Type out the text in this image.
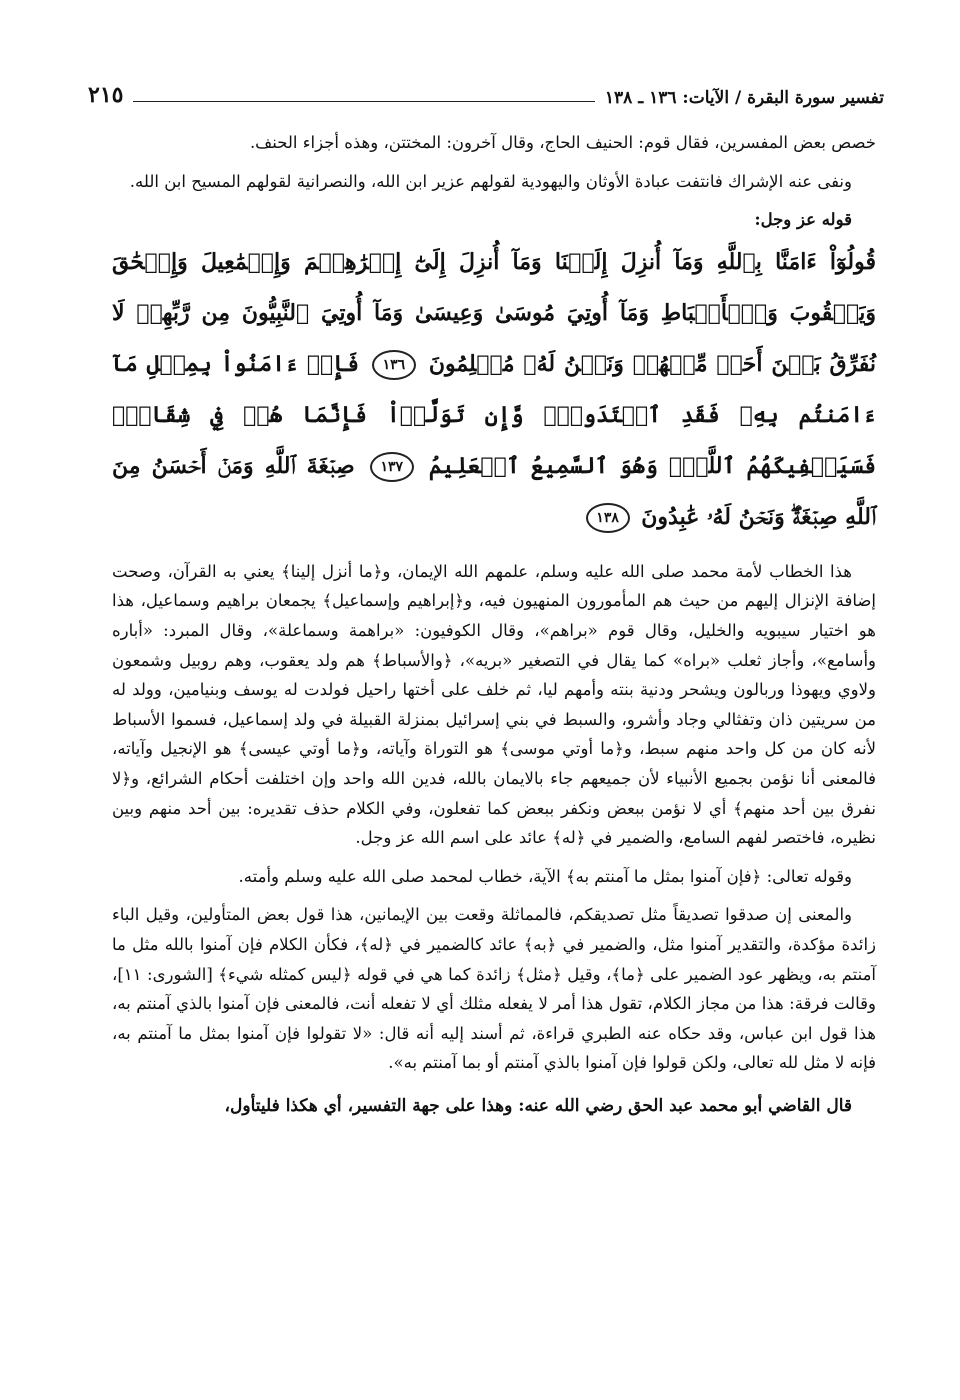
تفسير سورة البقرة / الآيات: ١٣٦ ـ ١٣٨
٢١٥

خصص بعض المفسرين، فقال قوم: الحنيف الحاج، وقال آخرون: المختتن، وهذه أجزاء الحنف.

ونفى عنه الإشراك فانتفت عبادة الأوثان واليهودية لقولهم عزير ابن الله، والنصرانية لقولهم المسيح ابن الله.

قوله عز وجل:

قُولُوٓاْ ءَامَنَّا بِٱللَّهِ وَمَآ أُنزِلَ إِلَيۡنَا وَمَآ أُنزِلَ إِلَىٰٓ إِبۡرَٰهِـۧمَ وَإِسۡمَٰعِيلَ وَإِسۡحَٰقَ وَيَعۡقُوبَ وَٱلۡأَسۡبَاطِ وَمَآ أُوتِيَ مُوسَىٰ وَعِيسَىٰ وَمَآ أُوتِيَ ٱلنَّبِيُّونَ مِن رَّبِّهِمۡ لَا نُفَرِّقُ بَيۡنَ أَحَدٖ مِّنۡهُمۡ وَنَحۡنُ لَهُۥ مُسۡلِمُونَ ١٣٦ فَإِنۡ ءَامَنُواْ بِمِثۡلِ مَآ ءَامَنتُم بِهِۦ فَقَدِ ٱهۡتَدَواْۖ وَّإِن تَوَلَّوۡاْ فَإِنَّمَا هُمۡ فِي شِقَاقٖۖ فَسَيَكۡفِيكَهُمُ ٱللَّهُۚ وَهُوَ ٱلسَّمِيعُ ٱلۡعَلِيمُ ١٣٧ صِبۡغَةَ ٱللَّهِ وَمَنۡ أَحۡسَنُ مِنَ ٱللَّهِ صِبۡغَةٗۖ وَنَحۡنُ لَهُۥ عَٰبِدُونَ ١٣٨

هذا الخطاب لأمة محمد صلى الله عليه وسلم، علمهم الله الإيمان، و﴿ما أنزل إلينا﴾ يعني به القرآن، وصحت إضافة الإنزال إليهم من حيث هم المأمورون المنهيون فيه، و﴿إبراهيم وإسماعيل﴾ يجمعان براهيم وسماعيل، هذا هو اختيار سيبويه والخليل، وقال قوم «براهم»، وقال الكوفيون: «براهمة وسماعلة»، وقال المبرد: «أباره وأسامع»، وأجاز ثعلب «براه» كما يقال في التصغير «بريه»، ﴿والأسباط﴾ هم ولد يعقوب، وهم روبيل وشمعون ولاوي ويهوذا وربالون ويشحر ودنية بنته وأمهم ليا، ثم خلف على أختها راحيل فولدت له يوسف وبنيامين، وولد له من سريتين ذان وتفثالي وجاد وأشرو، والسبط في بني إسرائيل بمنزلة القبيلة في ولد إسماعيل، فسموا الأسباط لأنه كان من كل واحد منهم سبط، و﴿ما أوتي موسى﴾ هو التوراة وآياته، و﴿ما أوتي عيسى﴾ هو الإنجيل وآياته، فالمعنى أنا نؤمن بجميع الأنبياء لأن جميعهم جاء بالايمان بالله، فدين الله واحد وإن اختلفت أحكام الشرائع، و﴿لا نفرق بين أحد منهم﴾ أي لا نؤمن ببعض ونكفر ببعض كما تفعلون، وفي الكلام حذف تقديره: بين أحد منهم وبين نظيره، فاختصر لفهم السامع، والضمير في ﴿له﴾ عائد على اسم الله عز وجل.

وقوله تعالى: ﴿فإن آمنوا بمثل ما آمنتم به﴾ الآية، خطاب لمحمد صلى الله عليه وسلم وأمته.

والمعنى إن صدقوا تصديقاً مثل تصديقكم، فالمماثلة وقعت بين الإيمانين، هذا قول بعض المتأولين، وقيل الباء زائدة مؤكدة، والتقدير آمنوا مثل، والضمير في ﴿به﴾ عائد كالضمير في ﴿له﴾، فكأن الكلام فإن آمنوا بالله مثل ما آمنتم به، ويظهر عود الضمير على ﴿ما﴾، وقيل ﴿مثل﴾ زائدة كما هي في قوله ﴿ليس كمثله شيء﴾ [الشورى: ١١]، وقالت فرقة: هذا من مجاز الكلام، تقول هذا أمر لا يفعله مثلك أي لا تفعله أنت، فالمعنى فإن آمنوا بالذي آمنتم به، هذا قول ابن عباس، وقد حكاه عنه الطبري قراءة، ثم أسند إليه أنه قال: «لا تقولوا فإن آمنوا بمثل ما آمنتم به، فإنه لا مثل لله تعالى، ولكن قولوا فإن آمنوا بالذي آمنتم أو بما آمنتم به».

قال القاضي أبو محمد عبد الحق رضي الله عنه: وهذا على جهة التفسير، أي هكذا فليتأول،
